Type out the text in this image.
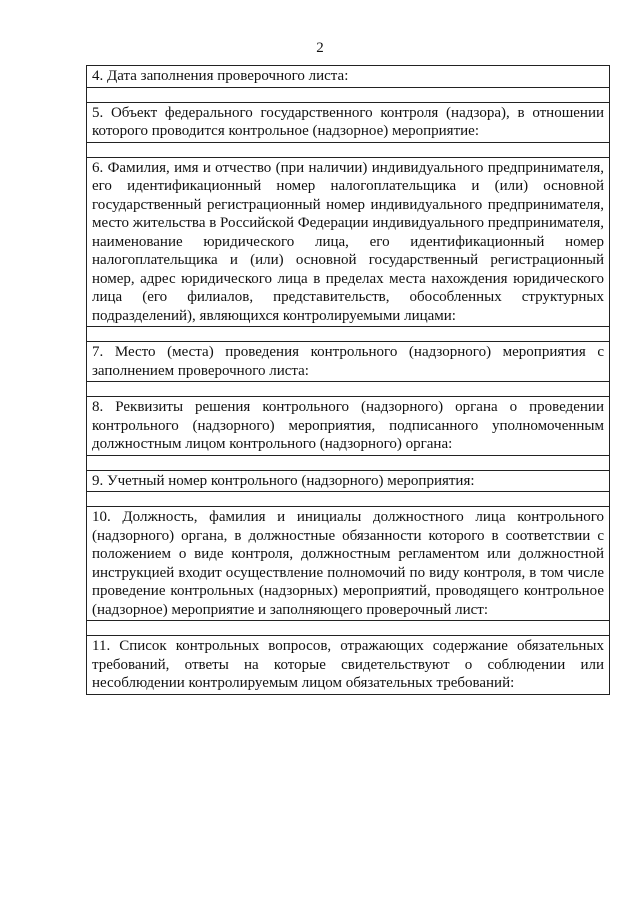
2
4. Дата заполнения проверочного листа:

5. Объект федерального государственного контроля (надзора), в отношении которого проводится контрольное (надзорное) мероприятие:

6. Фамилия, имя и отчество (при наличии) индивидуального предпринимателя, его идентификационный номер налогоплательщика и (или) основной государственный регистрационный номер индивидуального предпринимателя, место жительства в Российской Федерации индивидуального предпринимателя, наименование юридического лица, его идентификационный номер налогоплательщика и (или) основной государственный регистрационный номер, адрес юридического лица в пределах места нахождения юридического лица (его филиалов, представительств, обособленных структурных подразделений), являющихся контролируемыми лицами:

7. Место (места) проведения контрольного (надзорного) мероприятия с заполнением проверочного листа:

8. Реквизиты решения контрольного (надзорного) органа о проведении контрольного (надзорного) мероприятия, подписанного уполномоченным должностным лицом контрольного (надзорного) органа:

9. Учетный номер контрольного (надзорного) мероприятия:

10. Должность, фамилия и инициалы должностного лица контрольного (надзорного) органа, в должностные обязанности которого в соответствии с положением о виде контроля, должностным регламентом или должностной инструкцией входит осуществление полномочий по виду контроля, в том числе проведение контрольных (надзорных) мероприятий, проводящего контрольное (надзорное) мероприятие и заполняющего проверочный лист:

11. Список контрольных вопросов, отражающих содержание обязательных требований, ответы на которые свидетельствуют о соблюдении или несоблюдении контролируемым лицом обязательных требований:
